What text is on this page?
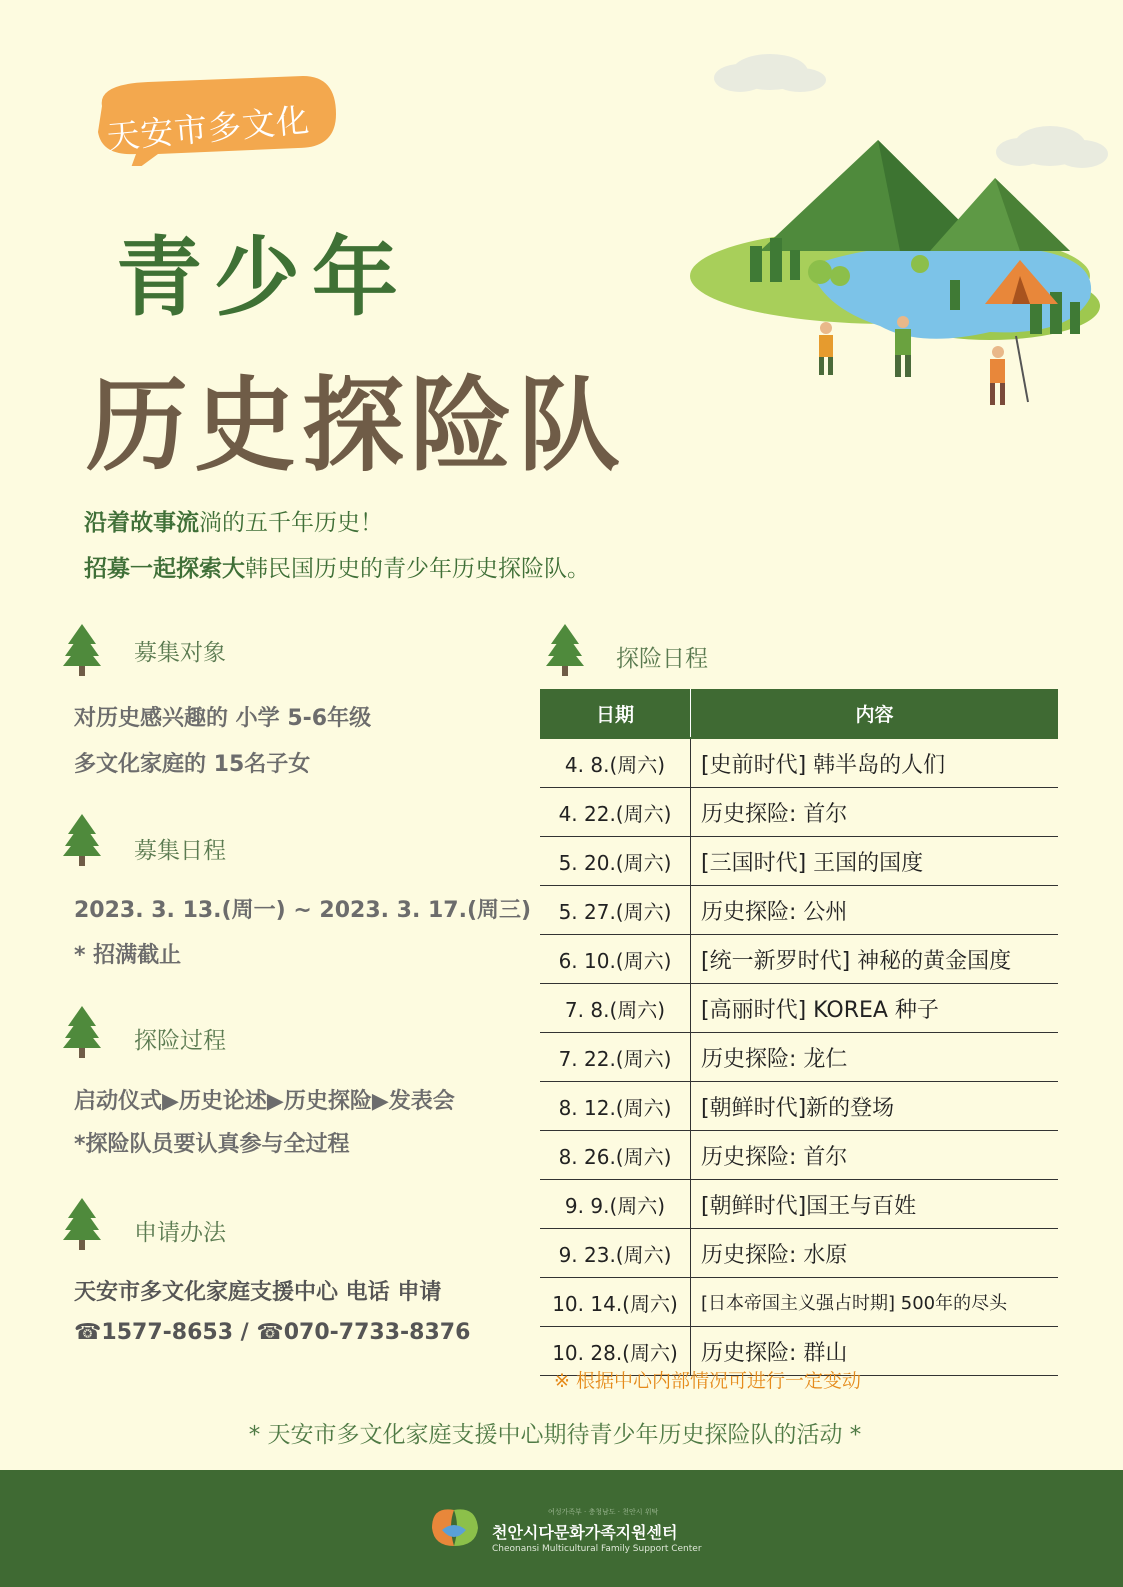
天安市多文化
青少年
历史探险队
沿着故事流淌的五千年历史！
招募一起探索大韩民国历史的青少年历史探险队。
募集对象
对历史感兴趣的 小学 5-6年级
多文化家庭的 15名子女
募集日程
2023. 3. 13.(周一) ~ 2023. 3. 17.(周三)
* 招满截止
探险过程
启动仪式▶历史论述▶历史探险▶发表会
*探险队员要认真参与全过程
申请办法
天安市多文化家庭支援中心 电话 申请
☎1577-8653 / ☎070-7733-8376
探险日程
日期	内容
4. 8.(周六)	[史前时代] 韩半岛的人们
4. 22.(周六)	历史探险: 首尔
5. 20.(周六)	[三国时代] 王国的国度
5. 27.(周六)	历史探险: 公州
6. 10.(周六)	[统一新罗时代] 神秘的黄金国度
7. 8.(周六)	[高丽时代] KOREA 种子
7. 22.(周六)	历史探险: 龙仁
8. 12.(周六)	[朝鲜时代]新的登场
8. 26.(周六)	历史探险: 首尔
9. 9.(周六)	[朝鲜时代]国王与百姓
9. 23.(周六)	历史探险: 水原
10. 14.(周六)	[日本帝国主义强占时期] 500年的尽头
10. 28.(周六)	历史探险: 群山
※ 根据中心内部情况可进行一定变动
* 天安市多文化家庭支援中心期待青少年历史探险队的活动 *
여성가족부 · 충청남도 · 천안시 위탁
천안시다문화가족지원센터
Cheonansi Multicultural Family Support Center
